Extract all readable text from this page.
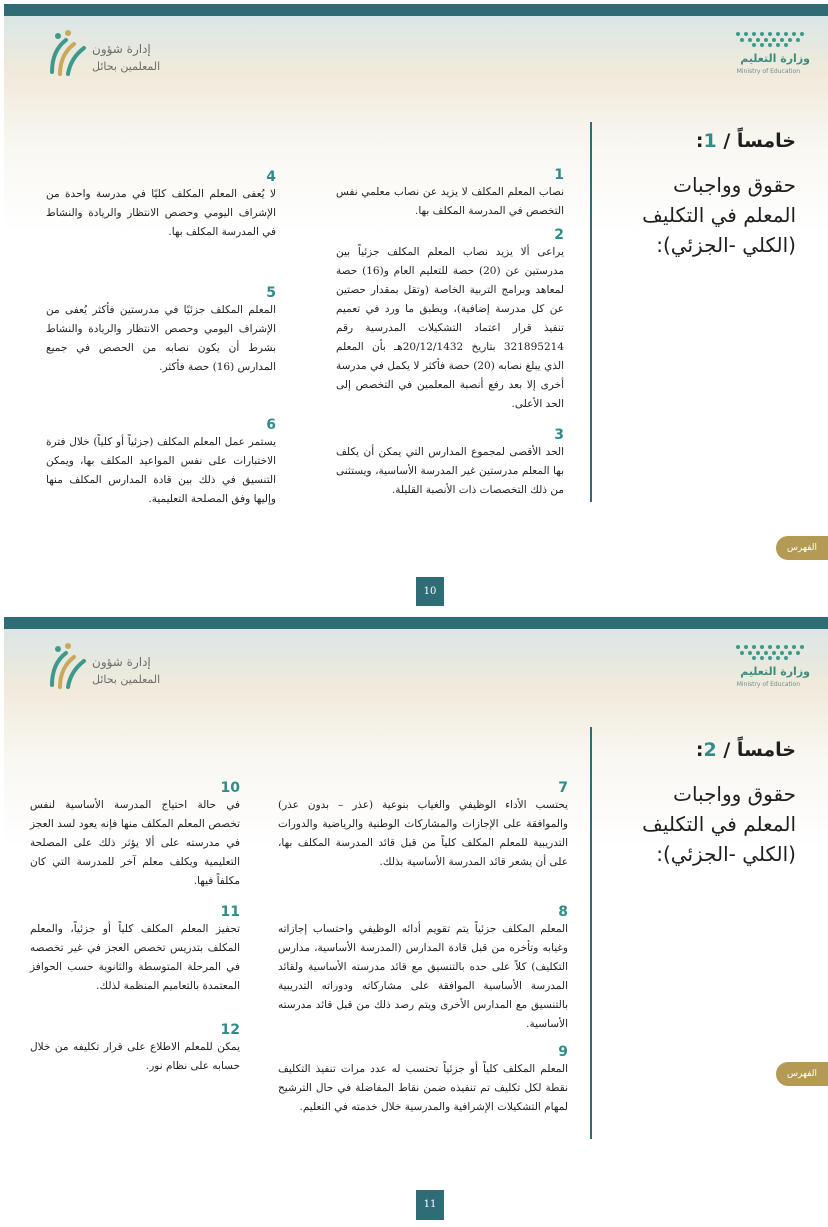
وزارة التعليم
Ministry of Education
إدارة شؤون
المعلمين بحائل
خامساً / 1:
حقوق وواجبات
المعلم في التكليف
(الكلي -الجزئي):
1
نصاب المعلم المكلف لا يزيد عن نصاب معلمي نفس التخصص في المدرسة المكلف بها.
2
يراعى ألا يزيد نصاب المعلم المكلف جزئياً بين مدرستين عن (20) حصة للتعليم العام و(16) حصة لمعاهد وبرامج التربية الخاصة (وتقل بمقدار حصتين عن كل مدرسة إضافية)، ويطبق ما ورد في تعميم تنفيذ قرار اعتماد التشكيلات المدرسية رقم 321895214 بتاريخ 20/12/1432هـ بأن المعلم الذي يبلغ نصابه (20) حصة فأكثر لا يكمل في مدرسة أخرى إلا بعد رفع أنصبة المعلمين في التخصص إلى الحد الأعلى.
3
الحد الأقصى لمجموع المدارس التي يمكن أن يكلف بها المعلم مدرستين غير المدرسة الأساسية، ويستثنى من ذلك التخصصات ذات الأنصبة القليلة.
4
لا يُعفى المعلم المكلف كليًا في مدرسة واحدة من الإشراف اليومي وحصص الانتظار والريادة والنشاط في المدرسة المكلف بها.
5
المعلم المكلف جزئيًا في مدرستين فأكثر يُعفى من الإشراف اليومي وحصص الانتظار والريادة والنشاط بشرط أن يكون نصابه من الحصص في جميع المدارس (16) حصة فأكثر.
6
يستمر عمل المعلم المكلف (جزئياً أو كلياً) خلال فترة الاختبارات على نفس المواعيد المكلف بها، ويمكن التنسيق في ذلك بين قادة المدارس المكلف منها وإليها وفق المصلحة التعليمية.
الفهرس
10
وزارة التعليم
Ministry of Education
إدارة شؤون
المعلمين بحائل
خامساً / 2:
حقوق وواجبات
المعلم في التكليف
(الكلي -الجزئي):
7
يحتسب الأداء الوظيفي والغياب بنوعية (عذر – بدون عذر) والموافقة على الإجازات والمشاركات الوطنية والرياضية والدورات التدريبية للمعلم المكلف كلياً من قبل قائد المدرسة المكلف بها، على أن يشعر قائد المدرسة الأساسية بذلك.
8
المعلم المكلف جزئياً يتم تقويم أدائه الوظيفي واحتساب إجازاته وغيابه وتأخره من قبل قادة المدارس (المدرسة الأساسية، مدارس التكليف) كلاً على حده بالتنسيق مع قائد مدرسته الأساسية ولقائد المدرسة الأساسية الموافقة على مشاركاته ودوراته التدريبية بالتنسيق مع المدارس الأخرى ويتم رصد ذلك من قبل قائد مدرسته الأساسية.
9
المعلم المكلف كلياً أو جزئياً تحتسب له عدد مرات تنفيذ التكليف نقطة لكل تكليف تم تنفيذه ضمن نقاط المفاضلة في حال الترشيح لمهام التشكيلات الإشرافية والمدرسية خلال خدمته في التعليم.
10
في حالة احتياج المدرسة الأساسية لنفس تخصص المعلم المكلف منها فإنه يعود لسد العجز في مدرسته على ألا يؤثر ذلك على المصلحة التعليمية ويكلف معلم آخر للمدرسة التي كان مكلفاً فيها.
11
تحفيز المعلم المكلف كلياً أو جزئياً، والمعلم المكلف بتدريس تخصص العجز في غير تخصصه في المرحلة المتوسطة والثانوية حسب الحوافز المعتمدة بالتعاميم المنظمة لذلك.
12
يمكن للمعلم الاطلاع على قرار تكليفه من خلال حسابه على نظام نور.
الفهرس
11
